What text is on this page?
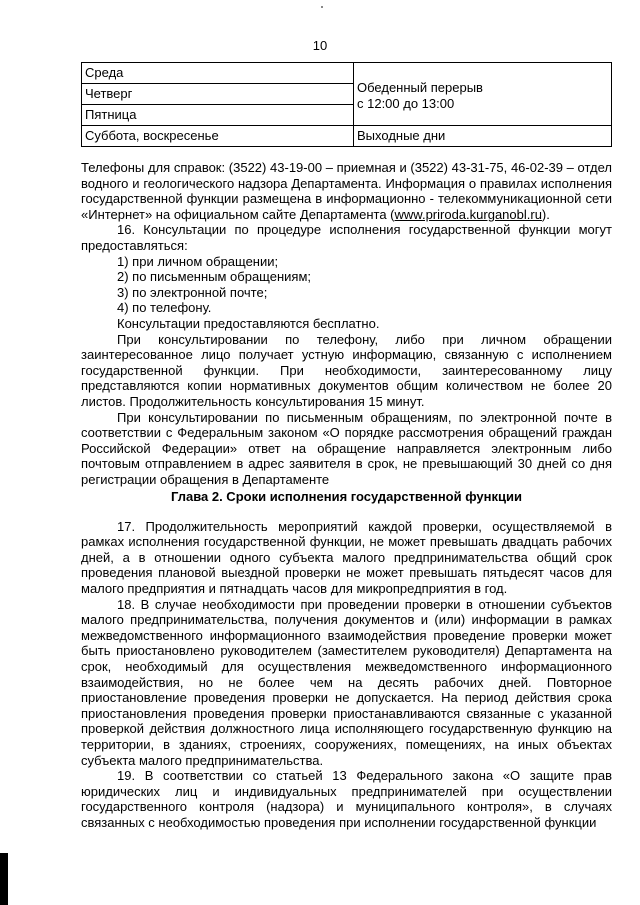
10
Среда	Обеденный перерыв
с 12:00 до 13:00

Четверг	
Пятница	
Суббота, воскресенье	Выходные дни

Телефоны для справок: (3522) 43-19-00 – приемная и (3522) 43-31-75, 46-02-39 – отдел водного и геологического надзора Департамента. Информация о правилах исполнения государственной функции размещена в информационно - телекоммуникационной сети «Интернет» на официальном сайте Департамента (www.priroda.kurganobl.ru).

16. Консультации по процедуре исполнения государственной функции могут предоставляться:

1) при личном обращении;

2) по письменным обращениям;

3) по электронной почте;

4) по телефону.

Консультации предоставляются бесплатно.

При консультировании по телефону, либо при личном обращении заинтересованное лицо получает устную информацию, связанную с исполнением государственной функции. При необходимости, заинтересованному лицу представляются копии нормативных документов общим количеством не более 20 листов. Продолжительность консультирования 15 минут.

При консультировании по письменным обращениям, по электронной почте в соответствии с Федеральным законом «О порядке рассмотрения обращений граждан Российской Федерации» ответ на обращение направляется электронным либо почтовым отправлением в адрес заявителя в срок, не превышающий 30 дней со дня регистрации обращения в Департаменте

Глава 2. Сроки исполнения государственной функции

17. Продолжительность мероприятий каждой проверки, осуществляемой в рамках исполнения государственной функции, не может превышать двадцать рабочих дней, а в отношении одного субъекта малого предпринимательства общий срок проведения плановой выездной проверки не может превышать пятьдесят часов для малого предприятия и пятнадцать часов для микропредприятия в год.

18. В случае необходимости при проведении проверки в отношении субъектов малого предпринимательства, получения документов и (или) информации в рамках межведомственного информационного взаимодействия проведение проверки может быть приостановлено руководителем (заместителем руководителя) Департамента на срок, необходимый для осуществления межведомственного информационного взаимодействия, но не более чем на десять рабочих дней. Повторное приостановление проведения проверки не допускается. На период действия срока приостановления проведения проверки приостанавливаются связанные с указанной проверкой действия должностного лица исполняющего государственную функцию на территории, в зданиях, строениях, сооружениях, помещениях, на иных объектах субъекта малого предпринимательства.

19. В соответствии со статьей 13 Федерального закона «О защите прав юридических лиц и индивидуальных предпринимателей при осуществлении государственного контроля (надзора) и муниципального контроля», в случаях связанных с необходимостью проведения при исполнении государственной функции
